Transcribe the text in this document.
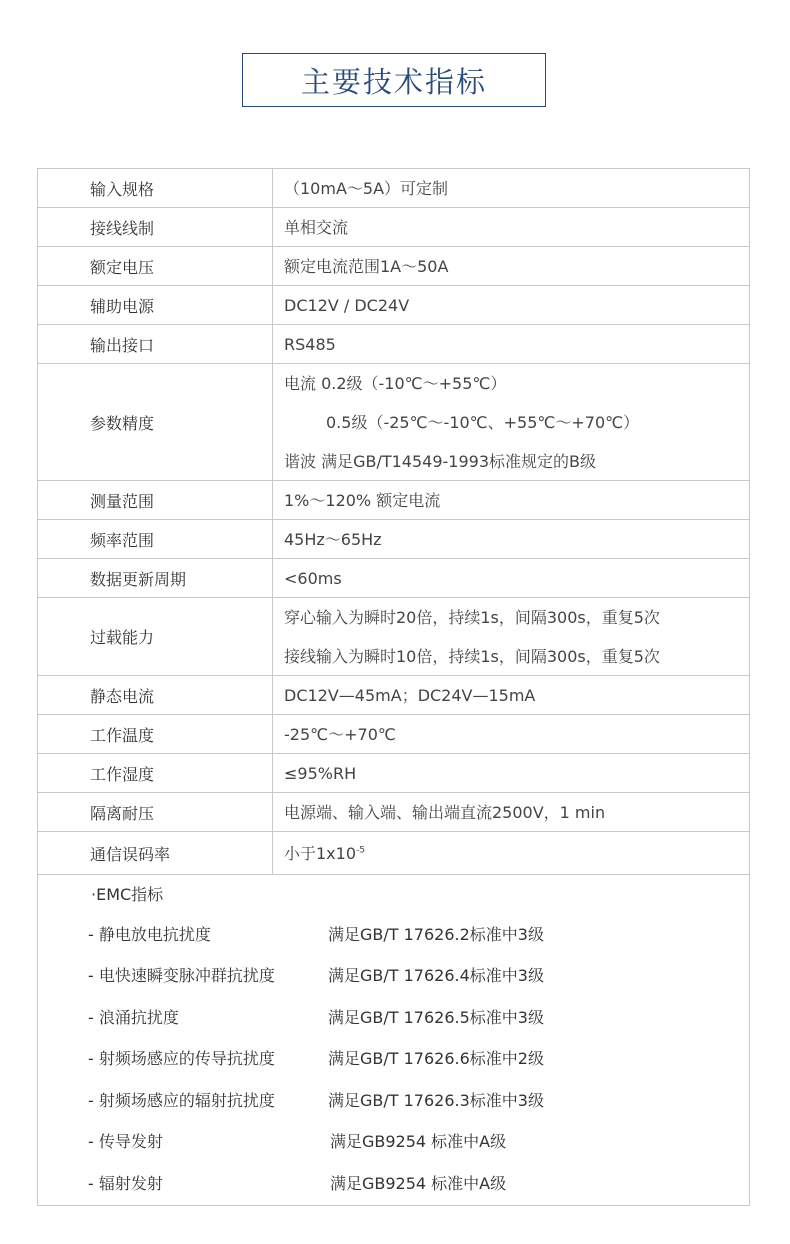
主要技术指标
输入规格	（10mA～5A）可定制
接线线制	单相交流
额定电压	额定电流范围1A～50A
辅助电源	DC12V / DC24V
输出接口	RS485
参数精度
电流 0.2级（-10℃～+55℃）
0.5级（-25℃～-10℃、+55℃～+70℃）
谐波 满足GB/T14549-1993标准规定的B级
测量范围	1%～120% 额定电流
频率范围	45Hz～65Hz
数据更新周期	<60ms
过载能力
穿心输入为瞬时20倍，持续1s，间隔300s，重复5次
接线输入为瞬时10倍，持续1s，间隔300s，重复5次
静态电流	DC12V—45mA；DC24V—15mA
工作温度	-25℃～+70℃
工作湿度	≤95%RH
隔离耐压	电源端、输入端、输出端直流2500V，1 min
通信误码率	小于$1x10^{-5}$
·EMC指标
- 静电放电抗扰度	满足GB/T 17626.2标准中3级
- 电快速瞬变脉冲群抗扰度	满足GB/T 17626.4标准中3级
- 浪涌抗扰度	满足GB/T 17626.5标准中3级
- 射频场感应的传导抗扰度	满足GB/T 17626.6标准中2级
- 射频场感应的辐射抗扰度	满足GB/T 17626.3标准中3级
- 传导发射	满足GB9254 标准中A级
- 辐射发射	满足GB9254 标准中A级
